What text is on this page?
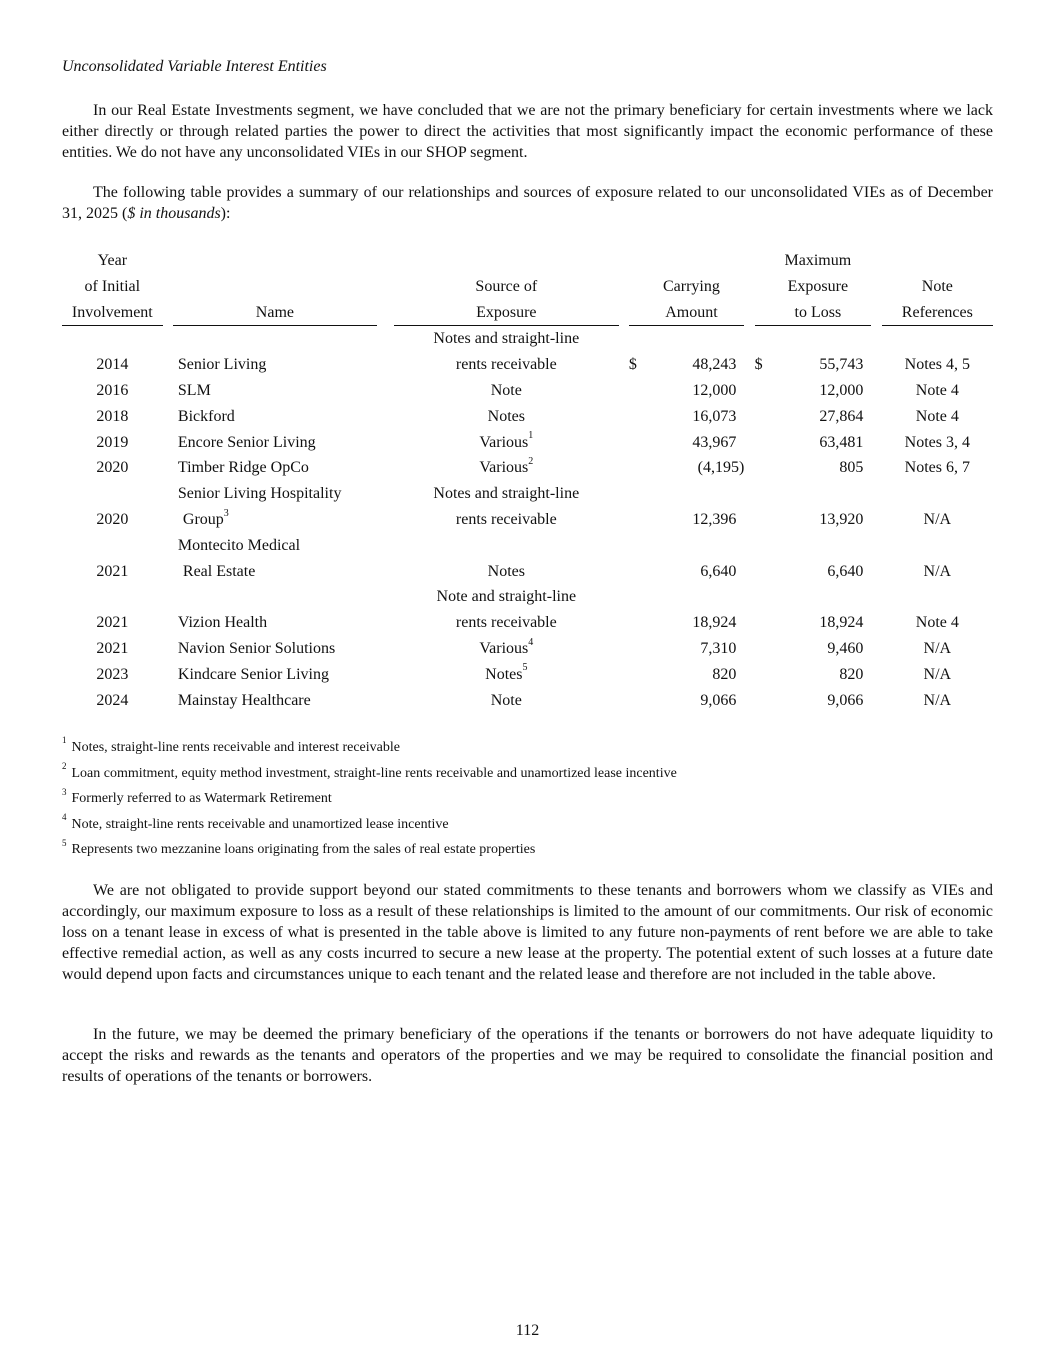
Unconsolidated Variable Interest Entities
In our Real Estate Investments segment, we have concluded that we are not the primary beneficiary for certain investments where we lack either directly or through related parties the power to direct the activities that most significantly impact the economic performance of these entities. We do not have any unconsolidated VIEs in our SHOP segment.
The following table provides a summary of our relationships and sources of exposure related to our unconsolidated VIEs as of December 31, 2025 ($ in thousands):
Year										Maximum		
of Initial				Source of			Carrying			Exposure		Note
Involvement		Name		Exposure			Amount			to Loss		References
				Notes and straight-line								
2014		Senior Living		rents receivable		$	48,243		$	55,743		Notes 4, 5
2016		SLM		Note			12,000			12,000		Note 4
2018		Bickford		Notes			16,073			27,864		Note 4
2019		Encore Senior Living		Various$^1$			43,967			63,481		Notes 3, 4
2020		Timber Ridge OpCo		Various$^2$			(4,195)			805		Notes 6, 7
		Senior Living Hospitality		Notes and straight-line								
2020		Group$^3$		rents receivable			12,396			13,920		N/A
		Montecito Medical										
2021		Real Estate		Notes			6,640			6,640		N/A
				Note and straight-line								
2021		Vizion Health		rents receivable			18,924			18,924		Note 4
2021		Navion Senior Solutions		Various$^4$			7,310			9,460		N/A
2023		Kindcare Senior Living		Notes$^5$			820			820		N/A
2024		Mainstay Healthcare		Note			9,066			9,066		N/A
$^1$ Notes, straight-line rents receivable and interest receivable
$^2$ Loan commitment, equity method investment, straight-line rents receivable and unamortized lease incentive
$^3$ Formerly referred to as Watermark Retirement
$^4$ Note, straight-line rents receivable and unamortized lease incentive
$^5$ Represents two mezzanine loans originating from the sales of real estate properties
We are not obligated to provide support beyond our stated commitments to these tenants and borrowers whom we classify as VIEs and accordingly, our maximum exposure to loss as a result of these relationships is limited to the amount of our commitments. Our risk of economic loss on a tenant lease in excess of what is presented in the table above is limited to any future non-payments of rent before we are able to take effective remedial action, as well as any costs incurred to secure a new lease at the property. The potential extent of such losses at a future date would depend upon facts and circumstances unique to each tenant and the related lease and therefore are not included in the table above.
In the future, we may be deemed the primary beneficiary of the operations if the tenants or borrowers do not have adequate liquidity to accept the risks and rewards as the tenants and operators of the properties and we may be required to consolidate the financial position and results of operations of the tenants or borrowers.
112
